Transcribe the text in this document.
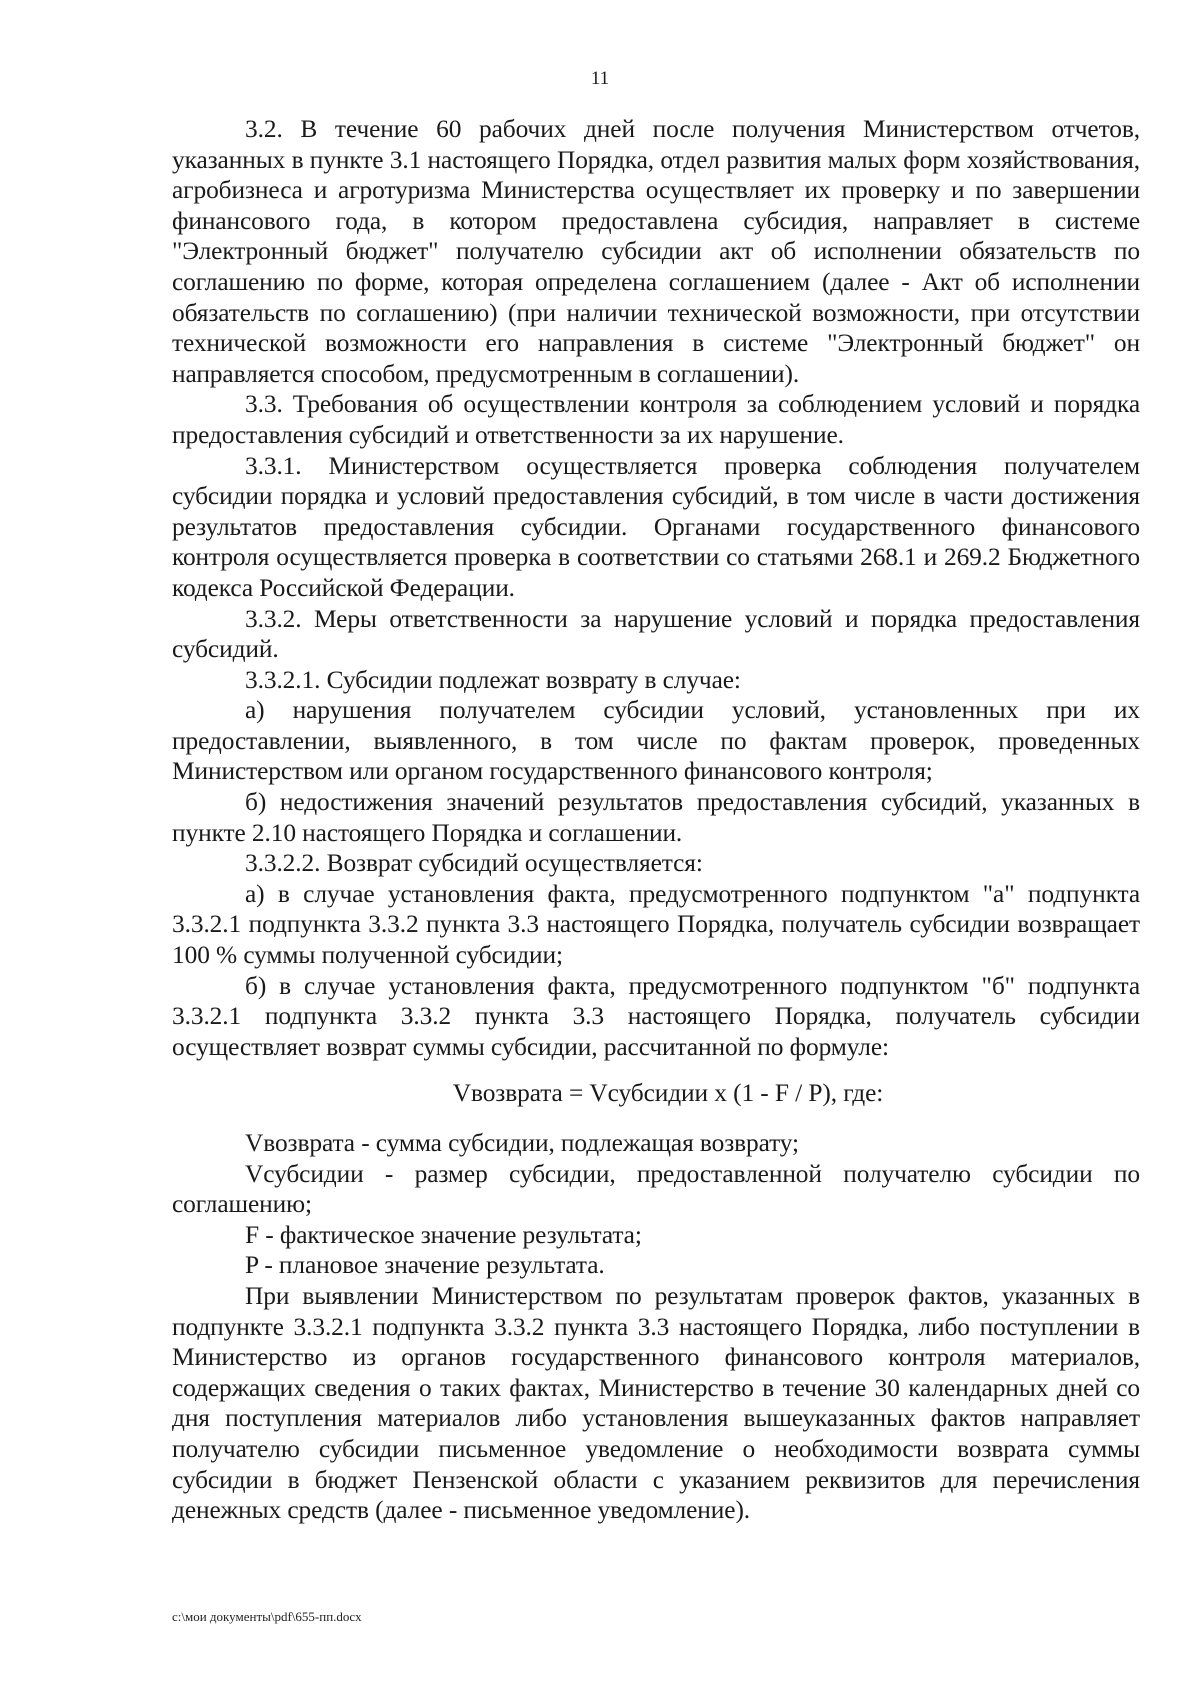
11

3.2. В течение 60 рабочих дней после получения Министерством отчетов, указанных в пункте 3.1 настоящего Порядка, отдел развития малых форм хозяйствования, агробизнеса и агротуризма Министерства осуществляет их проверку и по завершении финансового года, в котором предоставлена субсидия, направляет в системе "Электронный бюджет" получателю субсидии акт об исполнении обязательств по соглашению по форме, которая определена соглашением (далее - Акт об исполнении обязательств по соглашению) (при наличии технической возможности, при отсутствии технической возможности его направления в системе "Электронный бюджет" он направляется способом, предусмотренным в соглашении).

3.3. Требования об осуществлении контроля за соблюдением условий и порядка предоставления субсидий и ответственности за их нарушение.

3.3.1. Министерством осуществляется проверка соблюдения получателем субсидии порядка и условий предоставления субсидий, в том числе в части достижения результатов предоставления субсидии. Органами государственного финансового контроля осуществляется проверка в соответствии со статьями 268.1 и 269.2 Бюджетного кодекса Российской Федерации.

3.3.2. Меры ответственности за нарушение условий и порядка предоставления субсидий.

3.3.2.1. Субсидии подлежат возврату в случае:

а) нарушения получателем субсидии условий, установленных при их предоставлении, выявленного, в том числе по фактам проверок, проведенных Министерством или органом государственного финансового контроля;

б) недостижения значений результатов предоставления субсидий, указанных в пункте 2.10 настоящего Порядка и соглашении.

3.3.2.2. Возврат субсидий осуществляется:

а) в случае установления факта, предусмотренного подпунктом "а" подпункта 3.3.2.1 подпункта 3.3.2 пункта 3.3 настоящего Порядка, получатель субсидии возвращает 100 % суммы полученной субсидии;

б) в случае установления факта, предусмотренного подпунктом "б" подпункта 3.3.2.1 подпункта 3.3.2 пункта 3.3 настоящего Порядка, получатель субсидии осуществляет возврат суммы субсидии, рассчитанной по формуле:

Vвозврата = Vсубсидии x (1 - F / P), где:

Vвозврата - сумма субсидии, подлежащая возврату;

Vсубсидии - размер субсидии, предоставленной получателю субсидии по соглашению;

F - фактическое значение результата;

P - плановое значение результата.

При выявлении Министерством по результатам проверок фактов, указанных в подпункте 3.3.2.1 подпункта 3.3.2 пункта 3.3 настоящего Порядка, либо поступлении в Министерство из органов государственного финансового контроля материалов, содержащих сведения о таких фактах, Министерство в течение 30 календарных дней со дня поступления материалов либо установления вышеуказанных фактов направляет получателю субсидии письменное уведомление о необходимости возврата суммы субсидии в бюджет Пензенской области с указанием реквизитов для перечисления денежных средств (далее - письменное уведомление).

c:\мои документы\pdf\655-пп.docx
